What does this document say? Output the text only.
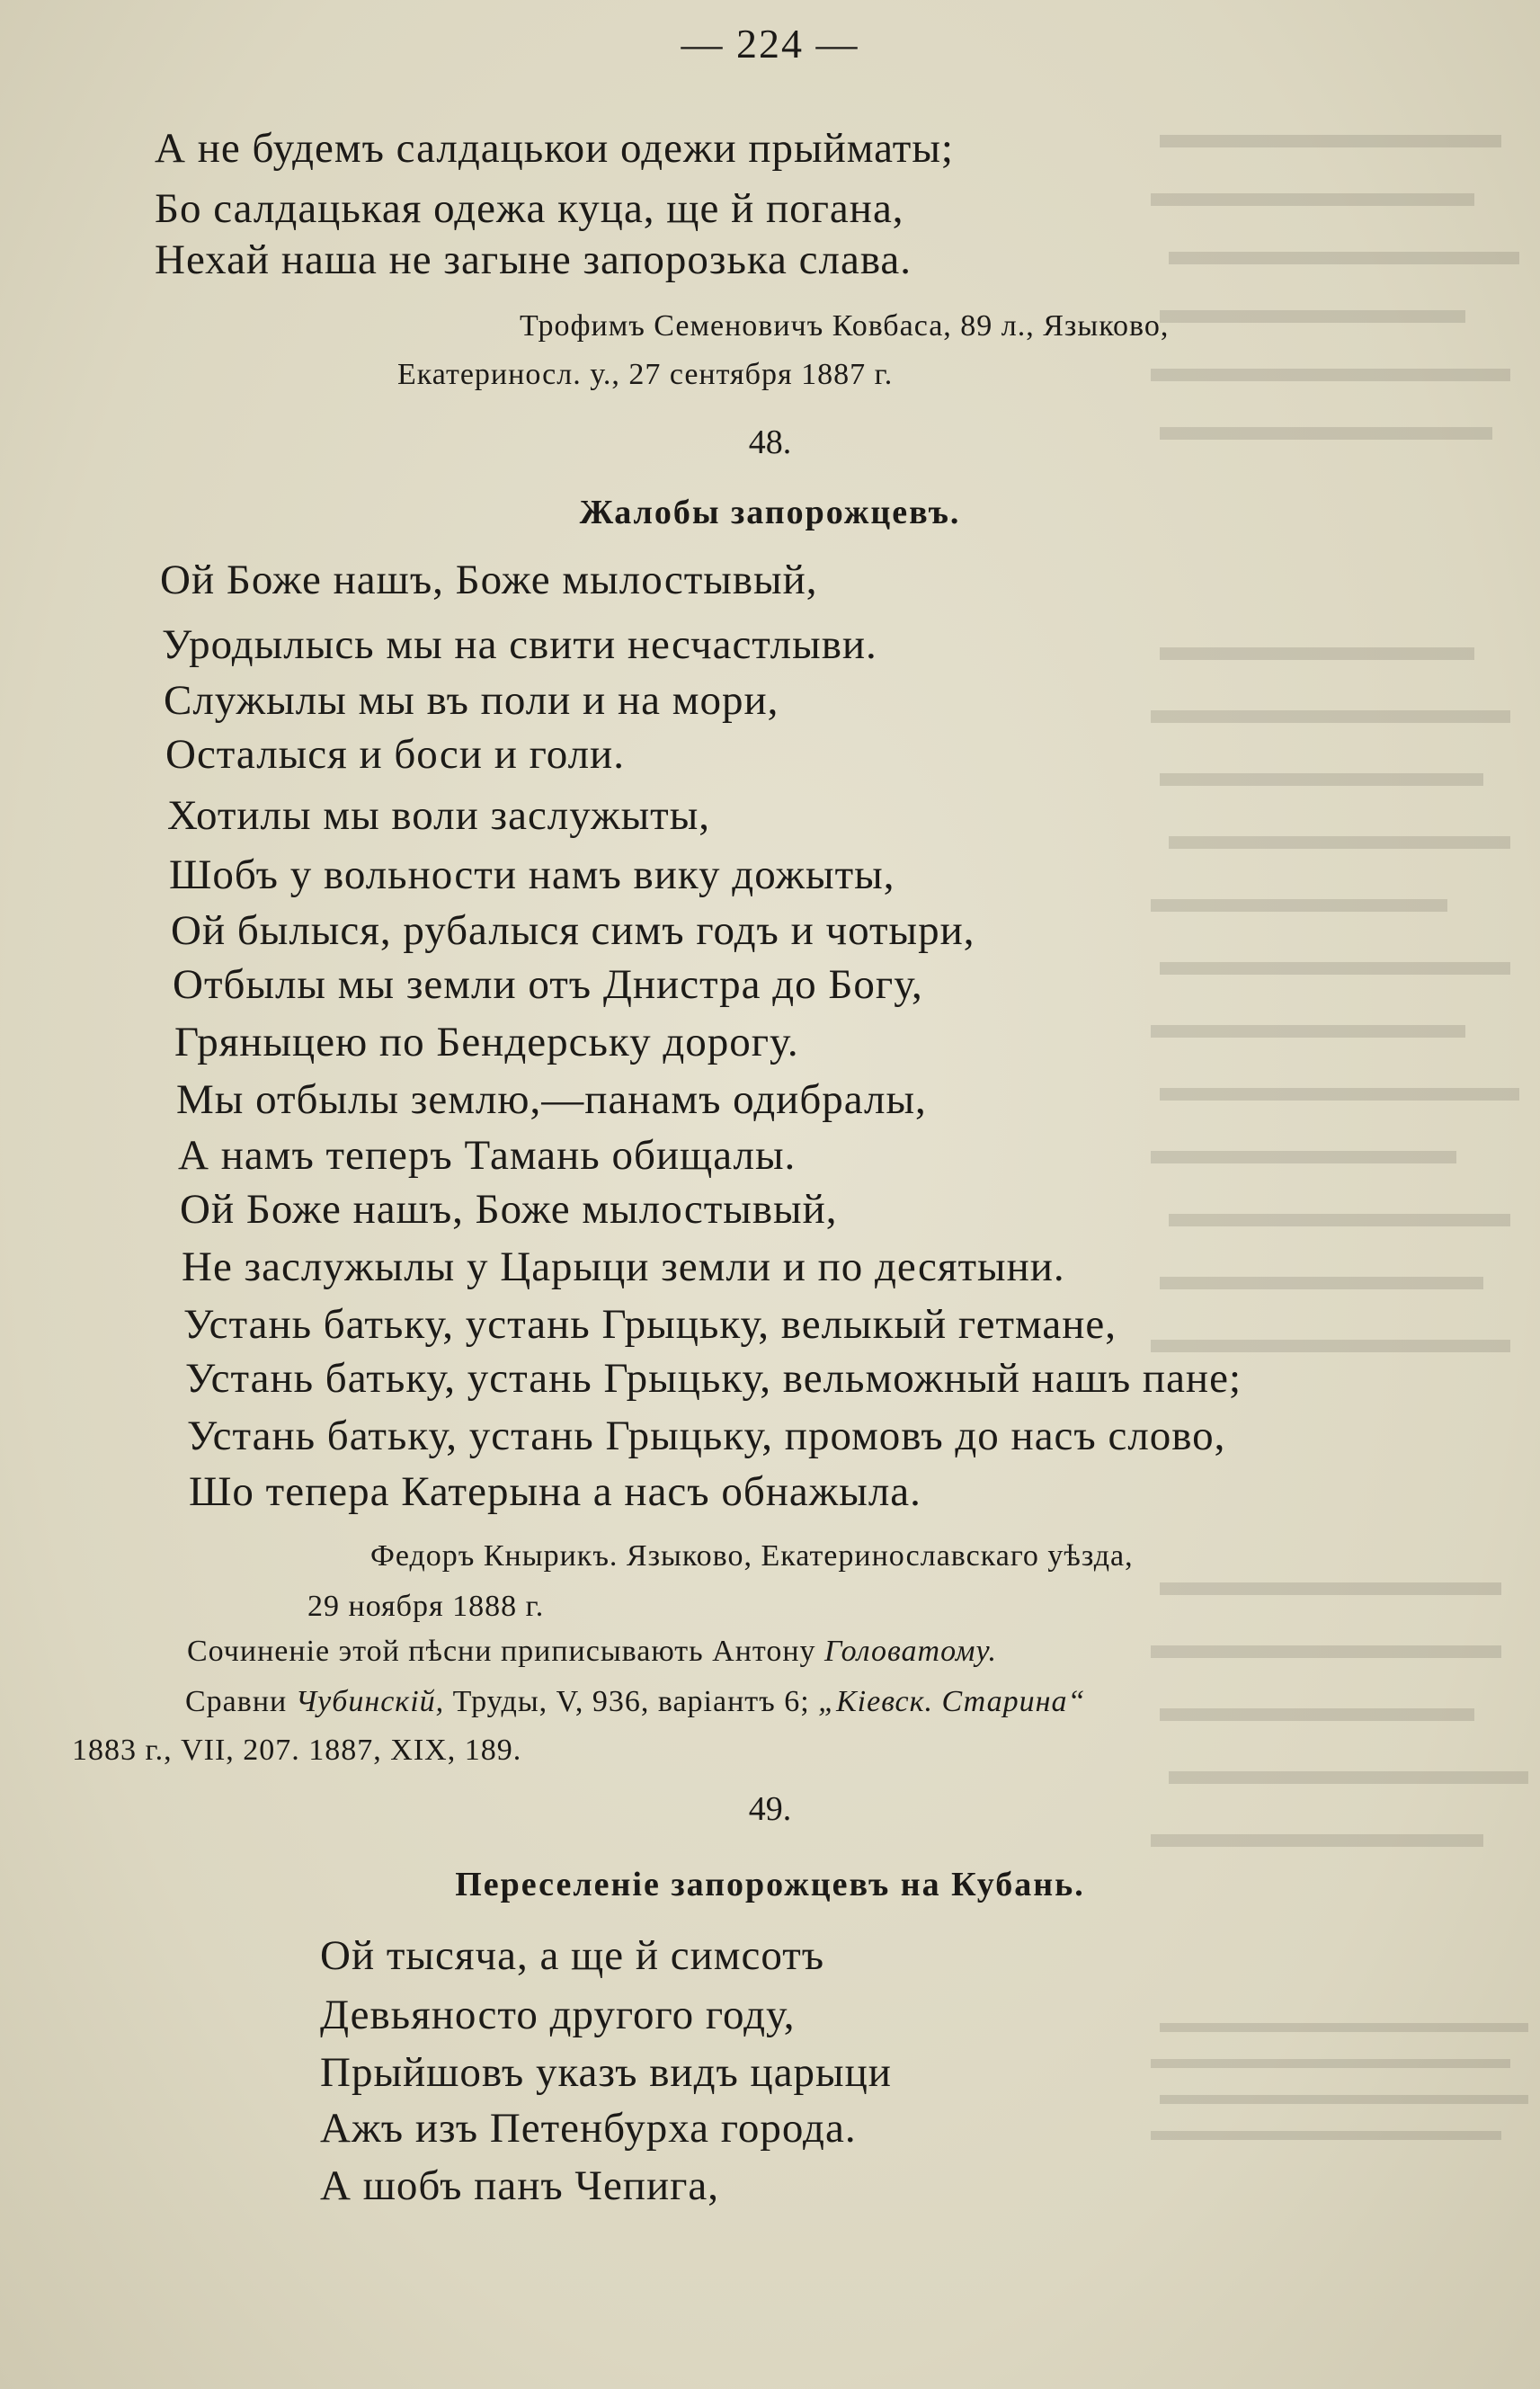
— 224 —
А не будемъ салдацькои одежи прыйматы;
Бо салдацькая одежа куца, ще й погана,
Нехай наша не загыне запорозька слава.
Трофимъ Семеновичъ Ковбаса, 89 л., Языково,
Екатериносл. у., 27 сентября 1887 г.
48.
Жалобы запорожцевъ.
Ой Боже нашъ, Боже мылостывый,
Уродылысь мы на свити несчастлыви.
Служылы мы въ поли и на мори,
Осталыся и боси и голи.
Хотилы мы воли заслужыты,
Шобъ у вольности намъ вику дожыты,
Ой былыся, рубалыся симъ годъ и чотыри,
Отбылы мы земли отъ Днистра до Богу,
Гряныцею по Бендерську дорогу.
Мы отбылы землю,—панамъ одибралы,
А намъ теперъ Тамань обищалы.
Ой Боже нашъ, Боже мылостывый,
Не заслужылы у Царыци земли и по десятыни.
Устань батьку, устань Грыцьку, велыкый гетмане,
Устань батьку, устань Грыцьку, вельможный нашъ пане;
Устань батьку, устань Грыцьку, промовъ до насъ слово,
Шо тепера Катерына а насъ обнажыла.
Федоръ Кнырикъ. Языково, Екатеринославскаго уѣзда,
29 ноября 1888 г.
Сочиненіе этой пѣсни приписывають Антону Головатому.
Сравни Чубинскій, Труды, V, 936, варіантъ 6; „Кіевск. Старина“
1883 г., VII, 207. 1887, XIX, 189.
49.
Переселеніе запорожцевъ на Кубань.
Ой тысяча, а ще й симсотъ
Девьяносто другого году,
Прыйшовъ указъ видъ царыци
Ажъ изъ Петенбурха города.
А шобъ панъ Чепига,
